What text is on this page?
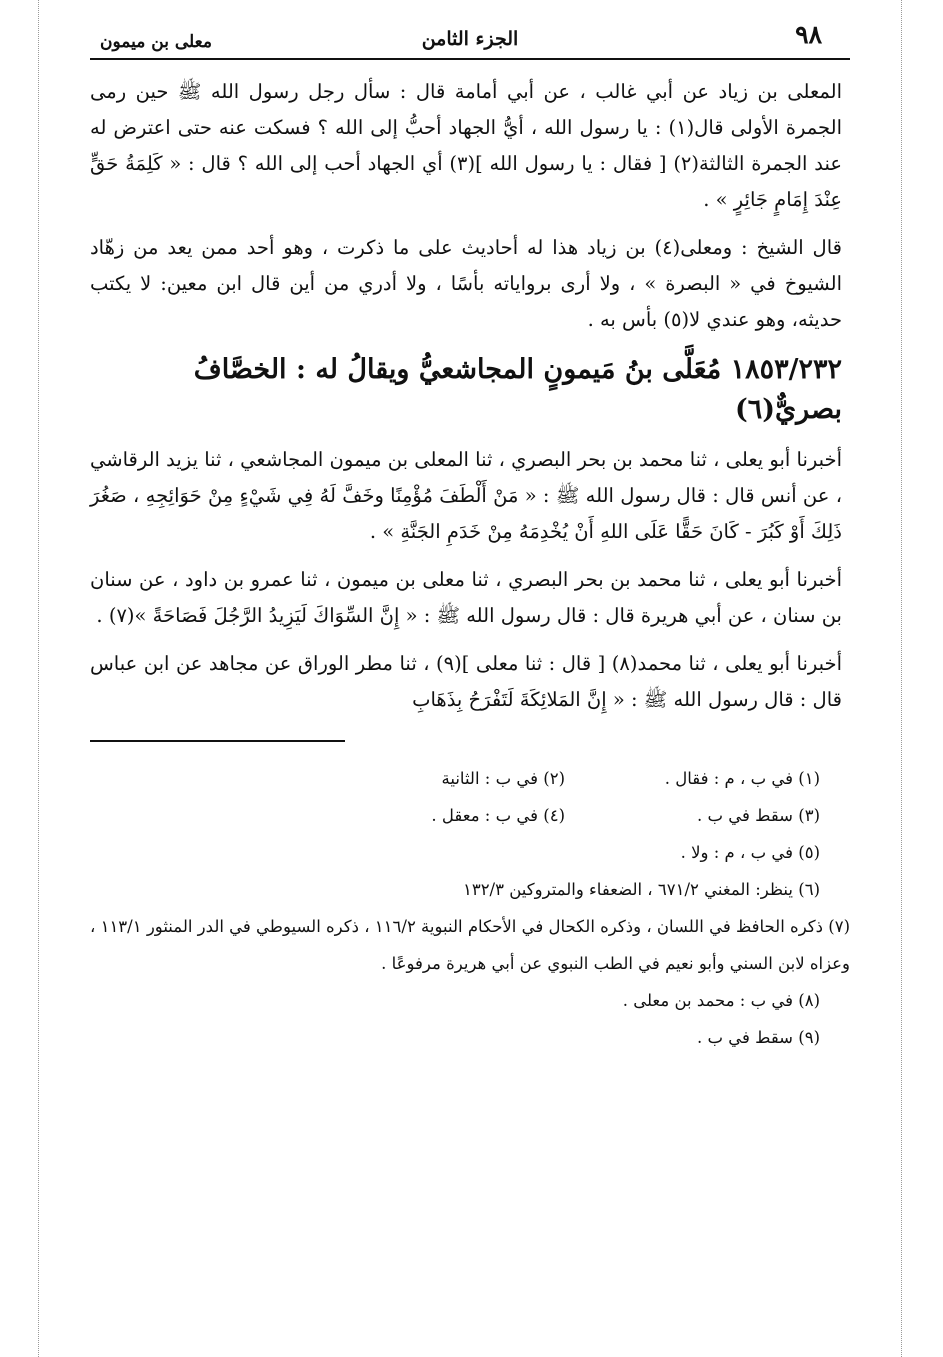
٩٨
الجزء الثامن
معلى بن ميمون

المعلى بن زياد عن أبي غالب ، عن أبي أمامة قال : سأل رجل رسول الله ﷺ حين رمى الجمرة الأولى قال(١) : يا رسول الله ، أيُّ الجهاد أحبُّ إلى الله ؟ فسكت عنه حتى اعترض له عند الجمرة الثالثة(٢) [ فقال : يا رسول الله ](٣) أي الجهاد أحب إلى الله ؟ قال : « كَلِمَةُ حَقٍّ عِنْدَ إِمَامٍ جَائِرٍ » .

قال الشيخ : ومعلى(٤) بن زياد هذا له أحاديث على ما ذكرت ، وهو أحد ممن يعد من زهّاد الشيوخ في « البصرة » ، ولا أرى برواياته بأسًا ، ولا أدري من أين قال ابن معين: لا يكتب حديثه، وهو عندي لا(٥) بأس به .

١٨٥٣/٢٣٢ مُعَلَّى بنُ مَيمونٍ المجاشعيُّ ويقالُ له : الخصَّافُ بصريٌّ(٦)

أخبرنا أبو يعلى ، ثنا محمد بن بحر البصري ، ثنا المعلى بن ميمون المجاشعي ، ثنا يزيد الرقاشي ، عن أنس قال : قال رسول الله ﷺ : « مَنْ أَلْطَفَ مُؤْمِنًا وخَفَّ لَهُ فِي شَيْءٍ مِنْ حَوَائِجِهِ ، صَغُرَ ذَلِكَ أَوْ كَبُرَ - كَانَ حَقًّا عَلَى اللهِ أَنْ يُخْدِمَهُ مِنْ خَدَمِ الجَنَّةِ » .

أخبرنا أبو يعلى ، ثنا محمد بن بحر البصري ، ثنا معلى بن ميمون ، ثنا عمرو بن داود ، عن سنان بن سنان ، عن أبي هريرة قال : قال رسول الله ﷺ : « إِنَّ السِّوَاكَ لَيَزِيدُ الرَّجُلَ فَصَاحَةً »(٧) .

أخبرنا أبو يعلى ، ثنا محمد(٨) [ قال : ثنا معلى ](٩) ، ثنا مطر الوراق عن مجاهد عن ابن عباس قال : قال رسول الله ﷺ : « إِنَّ المَلائِكَةَ لَتَفْرَحُ بِذَهَابِ

(١) في ب ، م : فقال .
(٢) في ب : الثانية
(٣) سقط في ب .
(٤) في ب : معقل .

(٥) في ب ، م : ولا .

(٦) ينظر: المغني ٦٧١/٢ ، الضعفاء والمتروكين ١٣٢/٣

(٧) ذكره الحافظ في اللسان ، وذكره الكحال في الأحكام النبوية ١١٦/٢ ، ذكره السيوطي في الدر المنثور ١١٣/١ ، وعزاه لابن السني وأبو نعيم في الطب النبوي عن أبي هريرة مرفوعًا .

(٨) في ب : محمد بن معلى .

(٩) سقط في ب .
